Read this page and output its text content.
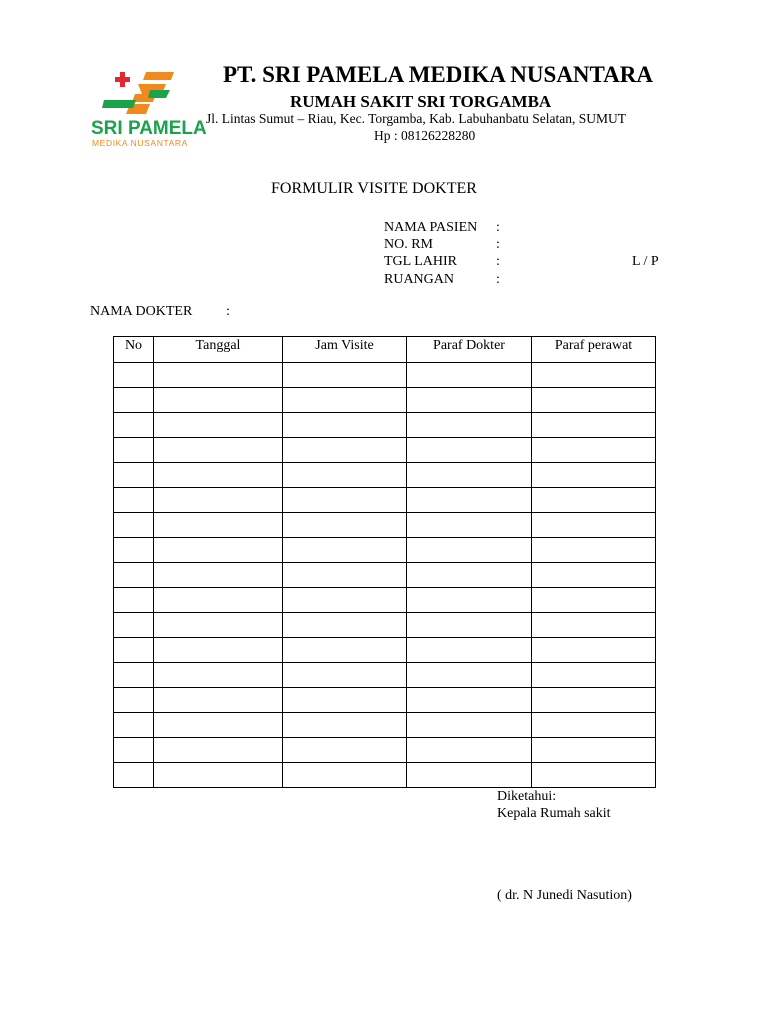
SRI PAMELA
MEDIKA NUSANTARA
PT. SRI PAMELA MEDIKA NUSANTARA
RUMAH SAKIT SRI TORGAMBA
Jl. Lintas Sumut – Riau, Kec. Torgamba, Kab. Labuhanbatu Selatan, SUMUT
Hp : 08126228280
FORMULIR VISITE DOKTER
NAMA PASIEN :
NO. RM	:
TGL LAHIR	:	L / P
RUANGAN	:
NAMA DOKTER :
No	Tanggal	Jam Visite	Paraf Dokter	Paraf perawat

Diketahui:
Kepala Rumah sakit
( dr. N Junedi Nasution)
